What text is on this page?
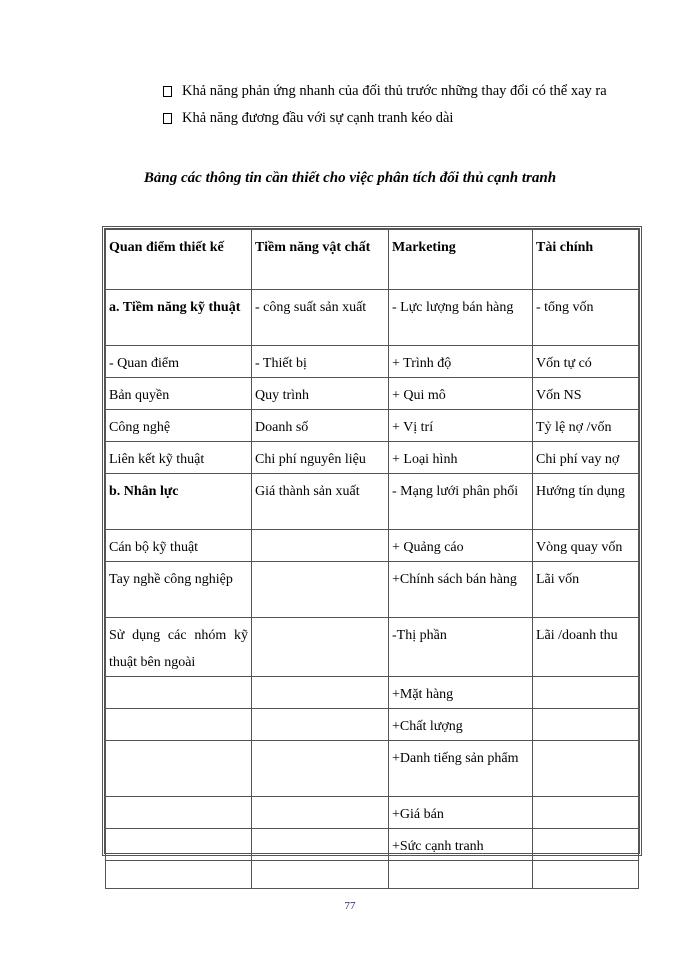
Khả năng phản ứng nhanh của đối thủ trước những thay đổi có thể xay ra
Khả năng đương đầu với sự cạnh tranh kéo dài
Bảng các thông tin cần thiết cho việc phân tích đối thủ cạnh tranh
Quan điểm thiết kế	Tiềm năng vật chất	Marketing	Tài chính
a. Tiềm năng kỹ thuật	- công suất sản xuất	- Lực lượng bán hàng	- tổng vốn
- Quan điểm	- Thiết bị	+ Trình độ	Vốn tự có
Bản quyền	Quy trình	+ Qui mô	Vốn NS
Công nghệ	Doanh số	+ Vị trí	Tỷ lệ nợ /vốn
Liên kết kỹ thuật	Chi phí nguyên liệu	+ Loại hình	Chi phí vay nợ
b. Nhân lực	Giá thành sản xuất	- Mạng lưới phân phối	Hướng tín dụng
Cán bộ kỹ thuật		+ Quảng cáo	Vòng quay vốn
Tay nghề công nghiệp		+Chính sách bán hàng	Lãi vốn
Sử dụng các nhóm kỹ thuật bên ngoài		-Thị phần	Lãi /doanh thu
		+Mặt hàng	
		+Chất lượng	
		+Danh tiếng sản phẩm	
		+Giá bán	
		+Sức cạnh tranh	

77
